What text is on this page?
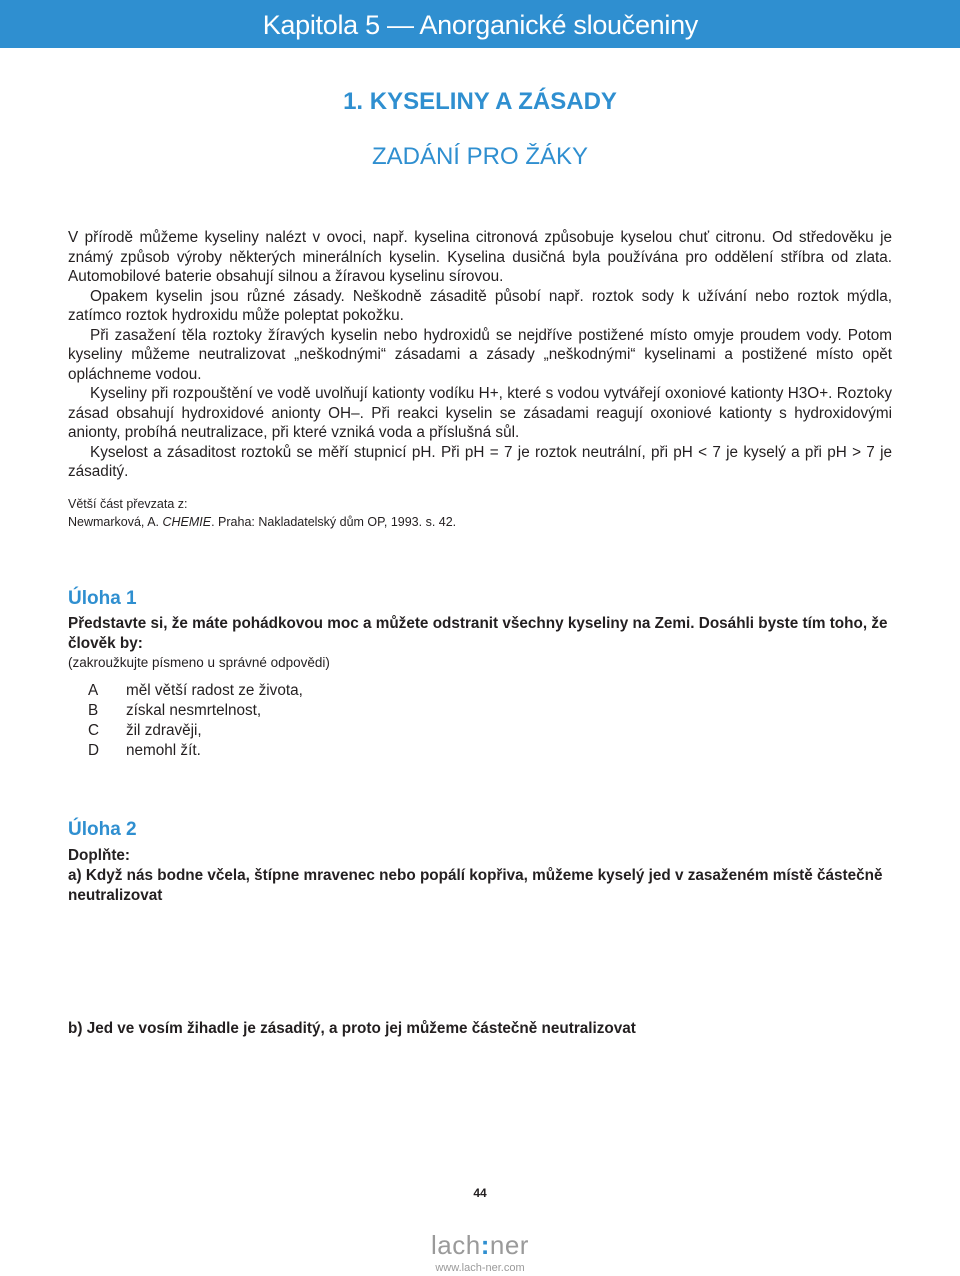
Kapitola 5 — Anorganické sloučeniny
1. KYSELINY A ZÁSADY
ZADÁNÍ PRO ŽÁKY

V přírodě můžeme kyseliny nalézt v ovoci, např. kyselina citronová způsobuje kyselou chuť citronu. Od středověku je známý způsob výroby některých minerálních kyselin. Kyselina dusičná byla používána pro oddělení stříbra od zlata. Automobilové baterie obsahují silnou a žíravou kyselinu sírovou.

Opakem kyselin jsou různé zásady. Neškodně zásaditě působí např. roztok sody k užívání nebo roztok mýdla, zatímco roztok hydroxidu může poleptat pokožku.

Při zasažení těla roztoky žíravých kyselin nebo hydroxidů se nejdříve postižené místo omyje proudem vody. Potom kyseliny můžeme neutralizovat „neškodnými“ zásadami a zásady „neškodnými“ kyselinami a postižené místo opět opláchneme vodou.

Kyseliny při rozpouštění ve vodě uvolňují kationty vodíku H+, které s vodou vytvářejí oxoniové kationty H3O+. Roztoky zásad obsahují hydroxidové anionty OH–. Při reakci kyselin se zásadami reagují oxoniové kationty s hydroxidovými anionty, probíhá neutralizace, při které vzniká voda a příslušná sůl.

Kyselost a zásaditost roztoků se měří stupnicí pH. Při pH = 7 je roztok neutrální, při pH < 7 je kyselý a při pH > 7 je zásaditý.

Větší část převzata z:
Newmarková, A. CHEMIE. Praha: Nakladatelský dům OP, 1993. s. 42.
Úloha 1
Představte si, že máte pohádkovou moc a můžete odstranit všechny kyseliny na Zemi. Dosáhli byste tím toho, že člověk by:
(zakroužkujte písmeno u správné odpovědi)
A	měl větší radost ze života,
B	získal nesmrtelnost,
C	žil zdravěji,
D	nemohl žít.
Úloha 2
Doplňte:
a) Když nás bodne včela, štípne mravenec nebo popálí kopřiva, můžeme kyselý jed v zasaženém místě částečně neutralizovat
b) Jed ve vosím žihadle je zásaditý, a proto jej můžeme částečně neutralizovat
44
lach:ner
www.lach-ner.com
